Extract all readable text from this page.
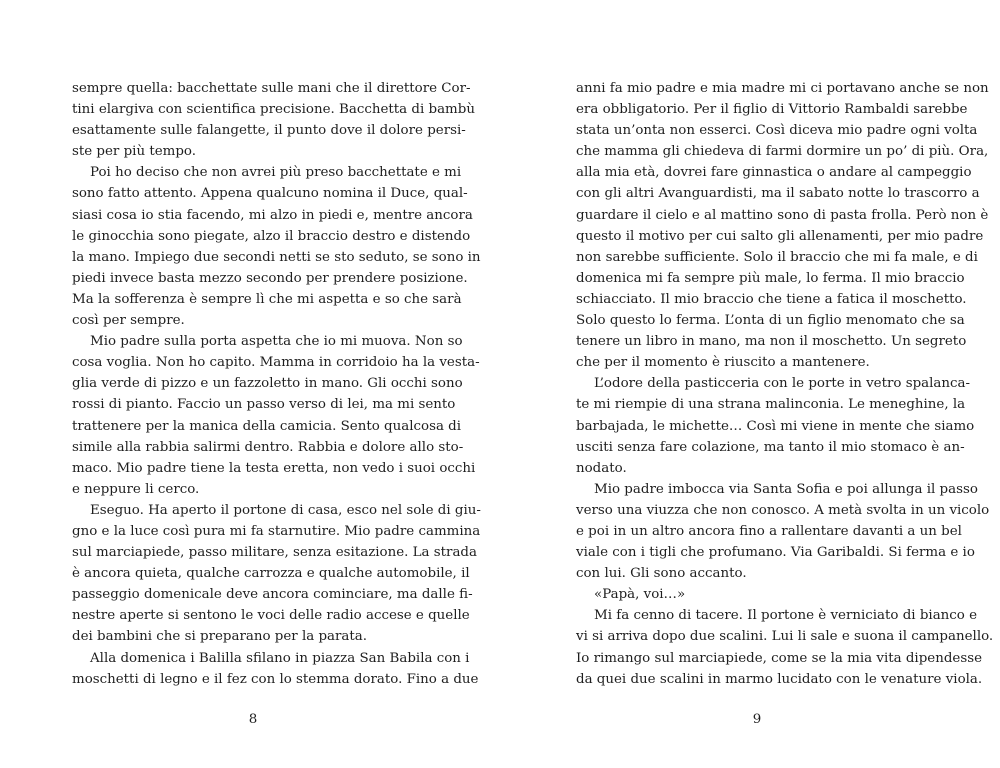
sempre quella: bacchettate sulle mani che il direttore Cor-
tini elargiva con scientifica precisione. Bacchetta di bambù
esattamente sulle falangette, il punto dove il dolore persi-
ste per più tempo.
Poi ho deciso che non avrei più preso bacchettate e mi
sono fatto attento. Appena qualcuno nomina il Duce, qual-
siasi cosa io stia facendo, mi alzo in piedi e, mentre ancora
le ginocchia sono piegate, alzo il braccio destro e distendo
la mano. Impiego due secondi netti se sto seduto, se sono in
piedi invece basta mezzo secondo per prendere posizione.
Ma la sofferenza è sempre lì che mi aspetta e so che sarà
così per sempre.
Mio padre sulla porta aspetta che io mi muova. Non so
cosa voglia. Non ho capito. Mamma in corridoio ha la vesta-
glia verde di pizzo e un fazzoletto in mano. Gli occhi sono
rossi di pianto. Faccio un passo verso di lei, ma mi sento
trattenere per la manica della camicia. Sento qualcosa di
simile alla rabbia salirmi dentro. Rabbia e dolore allo sto-
maco. Mio padre tiene la testa eretta, non vedo i suoi occhi
e neppure li cerco.
Eseguo. Ha aperto il portone di casa, esco nel sole di giu-
gno e la luce così pura mi fa starnutire. Mio padre cammina
sul marciapiede, passo militare, senza esitazione. La strada
è ancora quieta, qualche carrozza e qualche automobile, il
passeggio domenicale deve ancora cominciare, ma dalle fi-
nestre aperte si sentono le voci delle radio accese e quelle
dei bambini che si preparano per la parata.
Alla domenica i Balilla sfilano in piazza San Babila con i
moschetti di legno e il fez con lo stemma dorato. Fino a due
anni fa mio padre e mia madre mi ci portavano anche se non
era obbligatorio. Per il figlio di Vittorio Rambaldi sarebbe
stata un’onta non esserci. Così diceva mio padre ogni volta
che mamma gli chiedeva di farmi dormire un po’ di più. Ora,
alla mia età, dovrei fare ginnastica o andare al campeggio
con gli altri Avanguardisti, ma il sabato notte lo trascorro a
guardare il cielo e al mattino sono di pasta frolla. Però non è
questo il motivo per cui salto gli allenamenti, per mio padre
non sarebbe sufficiente. Solo il braccio che mi fa male, e di
domenica mi fa sempre più male, lo ferma. Il mio braccio
schiacciato. Il mio braccio che tiene a fatica il moschetto.
Solo questo lo ferma. L’onta di un figlio menomato che sa
tenere un libro in mano, ma non il moschetto. Un segreto
che per il momento è riuscito a mantenere.
L’odore della pasticceria con le porte in vetro spalanca-
te mi riempie di una strana malinconia. Le meneghine, la
barbajada, le michette… Così mi viene in mente che siamo
usciti senza fare colazione, ma tanto il mio stomaco è an-
nodato.
Mio padre imbocca via Santa Sofia e poi allunga il passo
verso una viuzza che non conosco. A metà svolta in un vicolo
e poi in un altro ancora fino a rallentare davanti a un bel
viale con i tigli che profumano. Via Garibaldi. Si ferma e io
con lui. Gli sono accanto.
«Papà, voi…»
Mi fa cenno di tacere. Il portone è verniciato di bianco e
vi si arriva dopo due scalini. Lui li sale e suona il campanello.
Io rimango sul marciapiede, come se la mia vita dipendesse
da quei due scalini in marmo lucidato con le venature viola.
8	9
